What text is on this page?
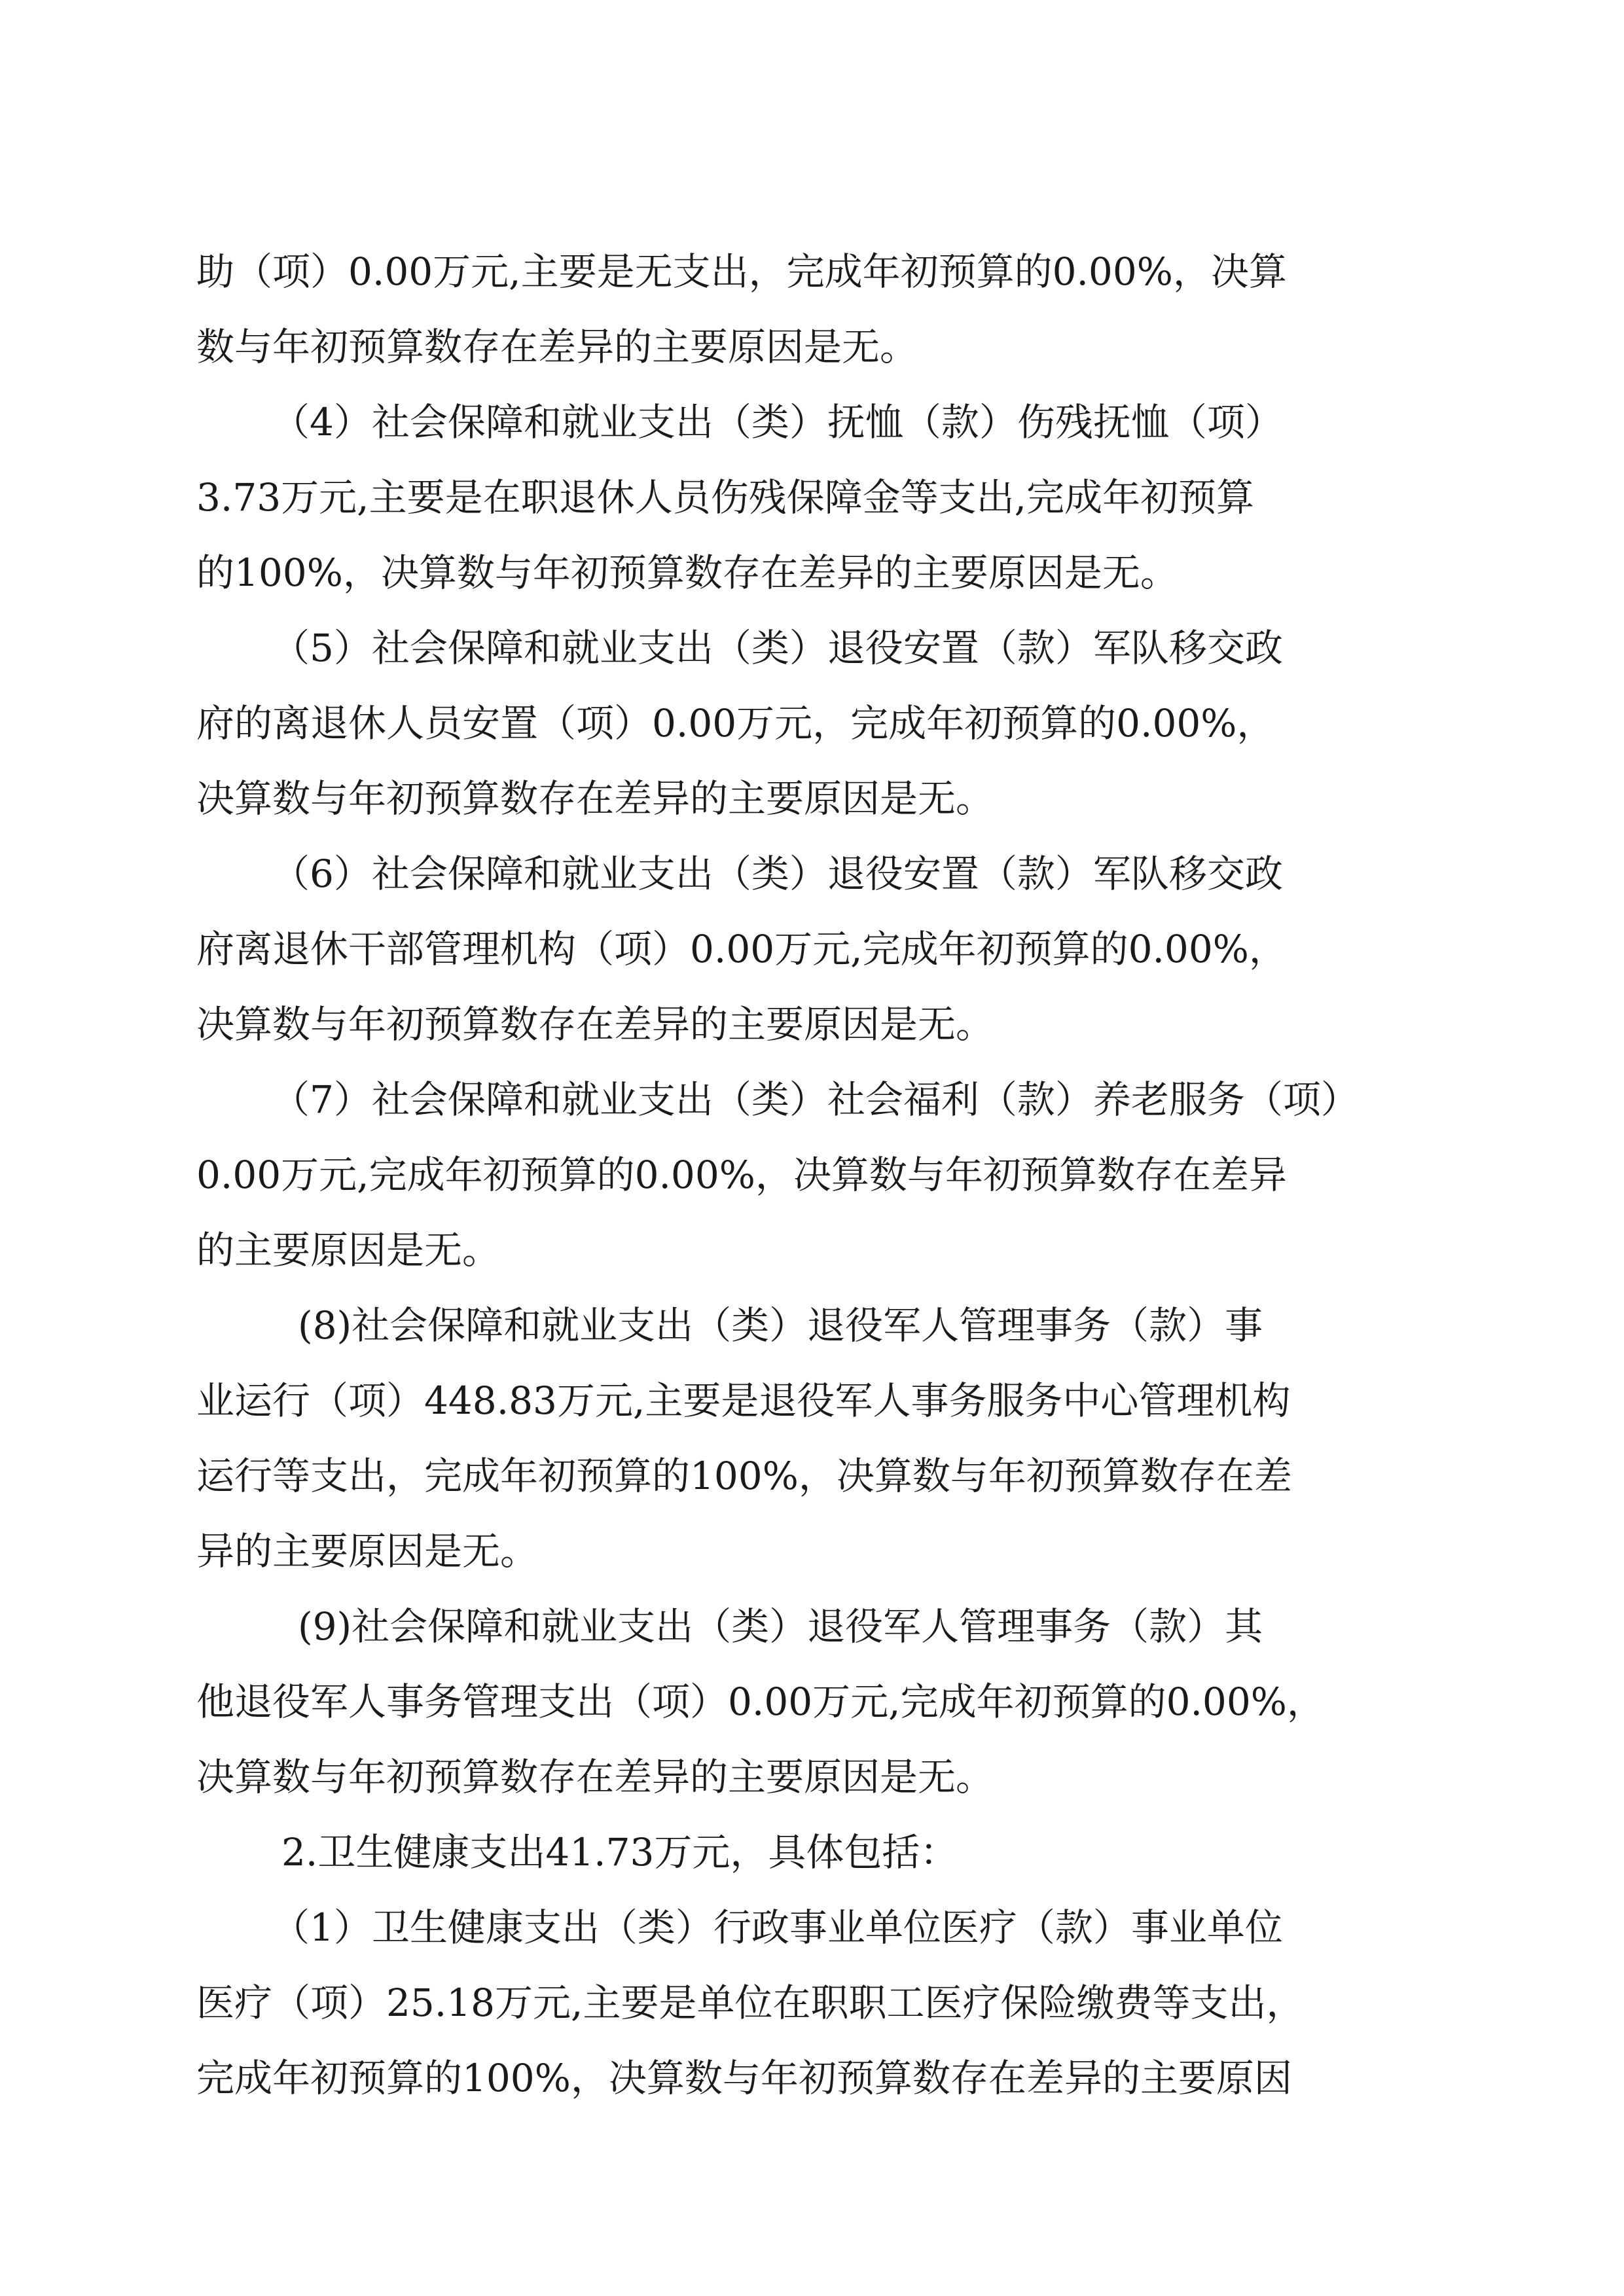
助（项）0.00万元,主要是无支出，完成年初预算的0.00%，决算
数与年初预算数存在差异的主要原因是无。
（4）社会保障和就业支出（类）抚恤（款）伤残抚恤（项）
3.73万元,主要是在职退休人员伤残保障金等支出,完成年初预算
的100%，决算数与年初预算数存在差异的主要原因是无。
（5）社会保障和就业支出（类）退役安置（款）军队移交政
府的离退休人员安置（项）0.00万元，完成年初预算的0.00%，
决算数与年初预算数存在差异的主要原因是无。
（6）社会保障和就业支出（类）退役安置（款）军队移交政
府离退休干部管理机构（项）0.00万元,完成年初预算的0.00%，
决算数与年初预算数存在差异的主要原因是无。
（7）社会保障和就业支出（类）社会福利（款）养老服务（项）
0.00万元,完成年初预算的0.00%，决算数与年初预算数存在差异
的主要原因是无。
(8)社会保障和就业支出（类）退役军人管理事务（款）事
业运行（项）448.83万元,主要是退役军人事务服务中心管理机构
运行等支出，完成年初预算的100%，决算数与年初预算数存在差
异的主要原因是无。
(9)社会保障和就业支出（类）退役军人管理事务（款）其
他退役军人事务管理支出（项）0.00万元,完成年初预算的0.00%，
决算数与年初预算数存在差异的主要原因是无。
2.卫生健康支出41.73万元，具体包括：
（1）卫生健康支出（类）行政事业单位医疗（款）事业单位
医疗（项）25.18万元,主要是单位在职职工医疗保险缴费等支出，
完成年初预算的100%，决算数与年初预算数存在差异的主要原因
